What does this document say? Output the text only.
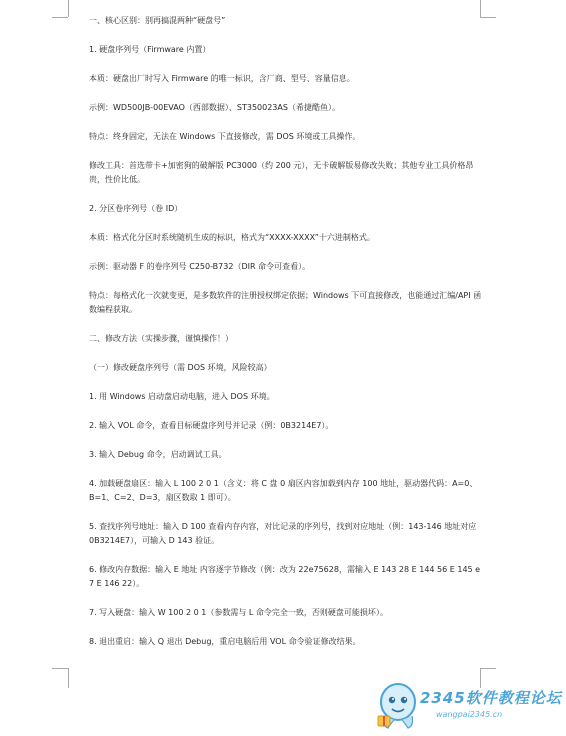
一、核心区别：别再搞混两种“硬盘号”

1. 硬盘序列号（Firmware 内置）

本质：硬盘出厂时写入 Firmware 的唯一标识，含厂商、型号、容量信息。

示例：WD500JB-00EVAO（西部数据）、ST350023AS（希捷酷鱼）。

特点：终身固定，无法在 Windows 下直接修改，需 DOS 环境或工具操作。

修改工具：首选带卡+加密狗的破解版 PC3000（约 200 元），无卡破解版易修改失败；其他专业工具价格昂贵，性价比低。

2. 分区卷序列号（卷 ID）

本质：格式化分区时系统随机生成的标识，格式为“XXXX-XXXX”十六进制格式。

示例：驱动器 F 的卷序列号 C250-B732（DIR 命令可查看）。

特点：每格式化一次就变更，是多数软件的注册授权绑定依据；Windows 下可直接修改，也能通过汇编/API 函数编程获取。

二、修改方法（实操步骤，谨慎操作！）

（一）修改硬盘序列号（需 DOS 环境，风险较高）

1. 用 Windows 启动盘启动电脑，进入 DOS 环境。

2. 输入 VOL 命令，查看目标硬盘序列号并记录（例：0B3214E7）。

3. 输入 Debug 命令，启动调试工具。

4. 加载硬盘扇区：输入 L 100 2 0 1（含义：将 C 盘 0 扇区内容加载到内存 100 地址，驱动器代码：A=0、B=1、C=2、D=3，扇区数取 1 即可）。

5. 查找序列号地址：输入 D 100 查看内存内容，对比记录的序列号，找到对应地址（例：143-146 地址对应 0B3214E7），可输入 D 143 验证。

6. 修改内存数据：输入 E 地址 内容逐字节修改（例：改为 22e75628，需输入 E 143 28 E 144 56 E 145 e7 E 146 22）。

7. 写入硬盘：输入 W 100 2 0 1（参数需与 L 命令完全一致，否则硬盘可能损坏）。

8. 退出重启：输入 Q 退出 Debug，重启电脑后用 VOL 命令验证修改结果。

2345软件教程论坛
wangpai2345.cn
